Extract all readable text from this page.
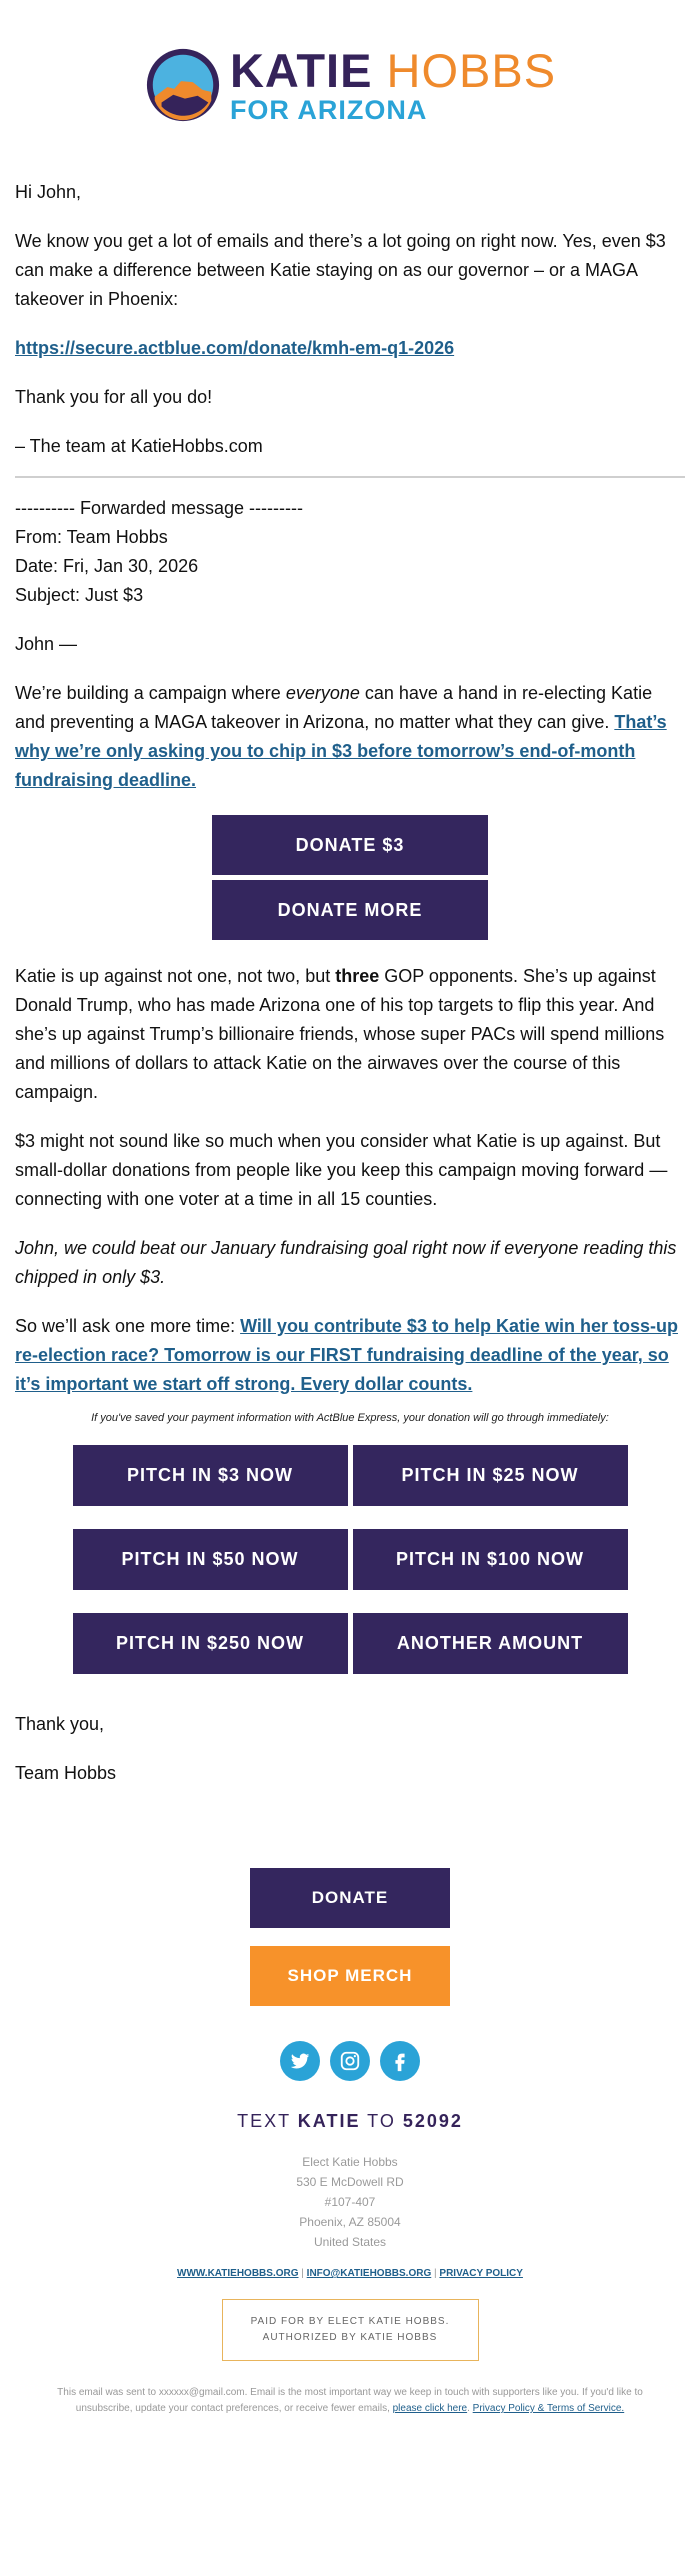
KATIE HOBBS
FOR ARIZONA

Hi John,

We know you get a lot of emails and there’s a lot going on right now. Yes, even $3 can make a difference between Katie staying on as our governor – or a MAGA takeover in Phoenix:

https://secure.actblue.com/donate/kmh-em-q1-2026

Thank you for all you do!

– The team at KatieHobbs.com

---------- Forwarded message ---------

From: Team Hobbs

Date: Fri, Jan 30, 2026

Subject: Just $3

John —

We’re building a campaign where everyone can have a hand in re-electing Katie and preventing a MAGA takeover in Arizona, no matter what they can give. That’s why we’re only asking you to chip in $3 before tomorrow’s end-of-month fundraising deadline.

DONATE $3
DONATE MORE

Katie is up against not one, not two, but three GOP opponents. She’s up against Donald Trump, who has made Arizona one of his top targets to flip this year. And she’s up against Trump’s billionaire friends, whose super PACs will spend millions and millions of dollars to attack Katie on the airwaves over the course of this campaign.

$3 might not sound like so much when you consider what Katie is up against. But small-dollar donations from people like you keep this campaign moving forward — connecting with one voter at a time in all 15 counties.

John, we could beat our January fundraising goal right now if everyone reading this chipped in only $3.

So we’ll ask one more time: Will you contribute $3 to help Katie win her toss-up re-election race? Tomorrow is our FIRST fundraising deadline of the year, so it’s important we start off strong. Every dollar counts.

If you've saved your payment information with ActBlue Express, your donation will go through immediately:
PITCH IN $3 NOW	PITCH IN $25 NOW
PITCH IN $50 NOW	PITCH IN $100 NOW
PITCH IN $250 NOW	ANOTHER AMOUNT

Thank you,

Team Hobbs

DONATE
SHOP MERCH
TEXT KATIE TO 52092
Elect Katie Hobbs
530 E McDowell RD
#107-407
Phoenix, AZ 85004
United States
WWW.KATIEHOBBS.ORG | INFO@KATIEHOBBS.ORG | PRIVACY POLICY
PAID FOR BY ELECT KATIE HOBBS.
AUTHORIZED BY KATIE HOBBS
This email was sent to xxxxxx@gmail.com. Email is the most important way we keep in touch with supporters like you. If you'd like to unsubscribe, update your contact preferences, or receive fewer emails, please click here. Privacy Policy & Terms of Service.
